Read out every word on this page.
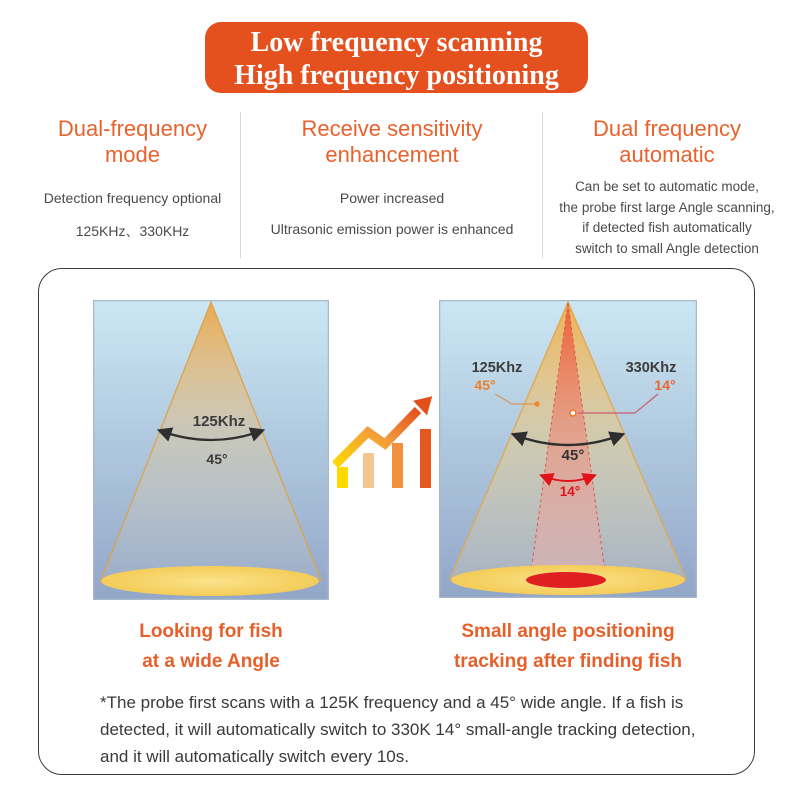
Low frequency scanning
High frequency positioning
Dual-frequency
mode
Detection frequency optional
125KHz、330KHz
Receive sensitivity
enhancement
Power increased
Ultrasonic emission power is enhanced
Dual frequency
automatic
Can be set to automatic mode,
the probe first large Angle scanning,
if detected fish automatically
switch to small Angle detection
125Khz
45°
125Khz
45°
330Khz
14°
45°
14°
Looking for fish
at a wide Angle
Small angle positioning
tracking after finding fish
*The probe first scans with a 125K frequency and a 45° wide angle. If a fish is
detected, it will automatically switch to 330K 14° small-angle tracking detection,
and it will automatically switch every 10s.
